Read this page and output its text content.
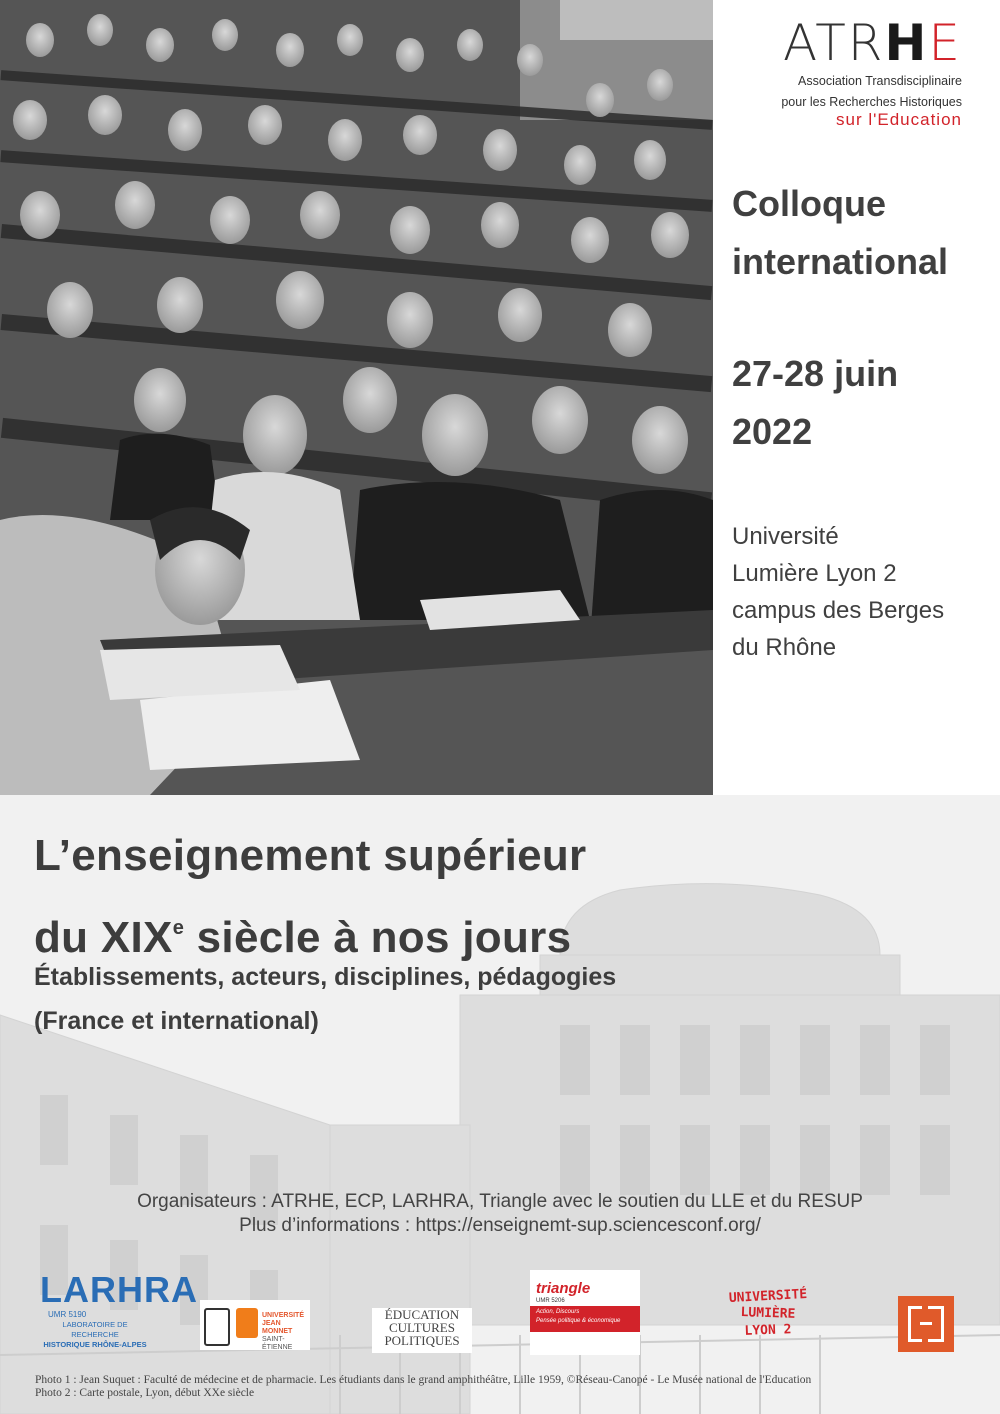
ATRHE
Association Transdisciplinaire
pour les Recherches Historiques
sur l'Education
Colloque
international
27-28 juin
2022
Université
Lumière Lyon 2
campus des Berges
du Rhône
L’enseignement supérieur
du XIXe siècle à nos jours
Établissements, acteurs, disciplines, pédagogies
(France et international)
Organisateurs : ATRHE, ECP, LARHRA, Triangle avec le soutien du LLE et du RESUP
Plus d’informations : https://enseignemt-sup.sciencesconf.org/
LARHRA
UMR 5190
LABORATOIRE DE RECHERCHE
HISTORIQUE RHÔNE-ALPES
UNIVERSITÉ
JEAN MONNET
SAINT-ÉTIENNE
ÉDUCATION
CULTURES
POLITIQUES
triangle
UMR 5206
Action, Discours
Pensée politique & économique
UNIVERSITÉ
LUMIÈRE
LYON 2
Photo 1 : Jean Suquet : Faculté de médecine et de pharmacie. Les étudiants dans le grand amphithéâtre, Lille 1959, ©Réseau-Canopé - Le Musée national de l'Education
Photo 2 : Carte postale, Lyon, début XXe siècle
